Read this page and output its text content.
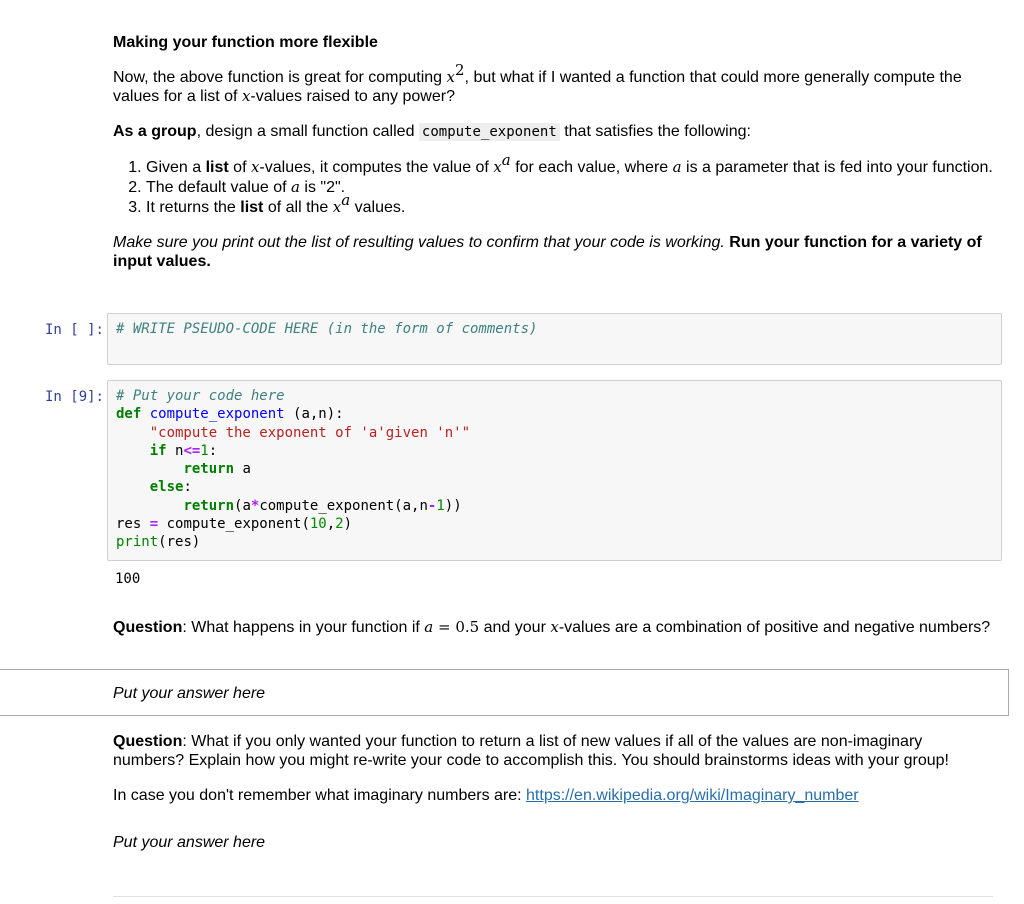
Making your function more flexible
Now, the above function is great for computing $x^2$, but what if I wanted a function that could more generally compute the values for a list of x-values raised to any power?
As a group, design a small function called compute_exponent that satisfies the following:
1. Given a list of x-values, it computes the value of $x^a$ for each value, where a is a parameter that is fed into your function.
2. The default value of a is "2".
3. It returns the list of all the $x^a$ values.
Make sure you print out the list of resulting values to confirm that your code is working. Run your function for a variety of input values.
In [ ]: # WRITE PSEUDO-CODE HERE (in the form of comments)
In [9]: # Put your code here
def compute_exponent (a,n):
"compute the exponent of 'a'given 'n'"
if n<=1:
return a
else:
return(a*compute_exponent(a,n-1))
res = compute_exponent(10,2)
print(res)
100
Question: What happens in your function if a = 0.5 and your x-values are a combination of positive and negative numbers?
Put your answer here
Question: What if you only wanted your function to return a list of new values if all of the values are non-imaginary numbers? Explain how you might re-write your code to accomplish this. You should brainstorms ideas with your group!
In case you don't remember what imaginary numbers are: https://en.wikipedia.org/wiki/Imaginary_number
Put your answer here
